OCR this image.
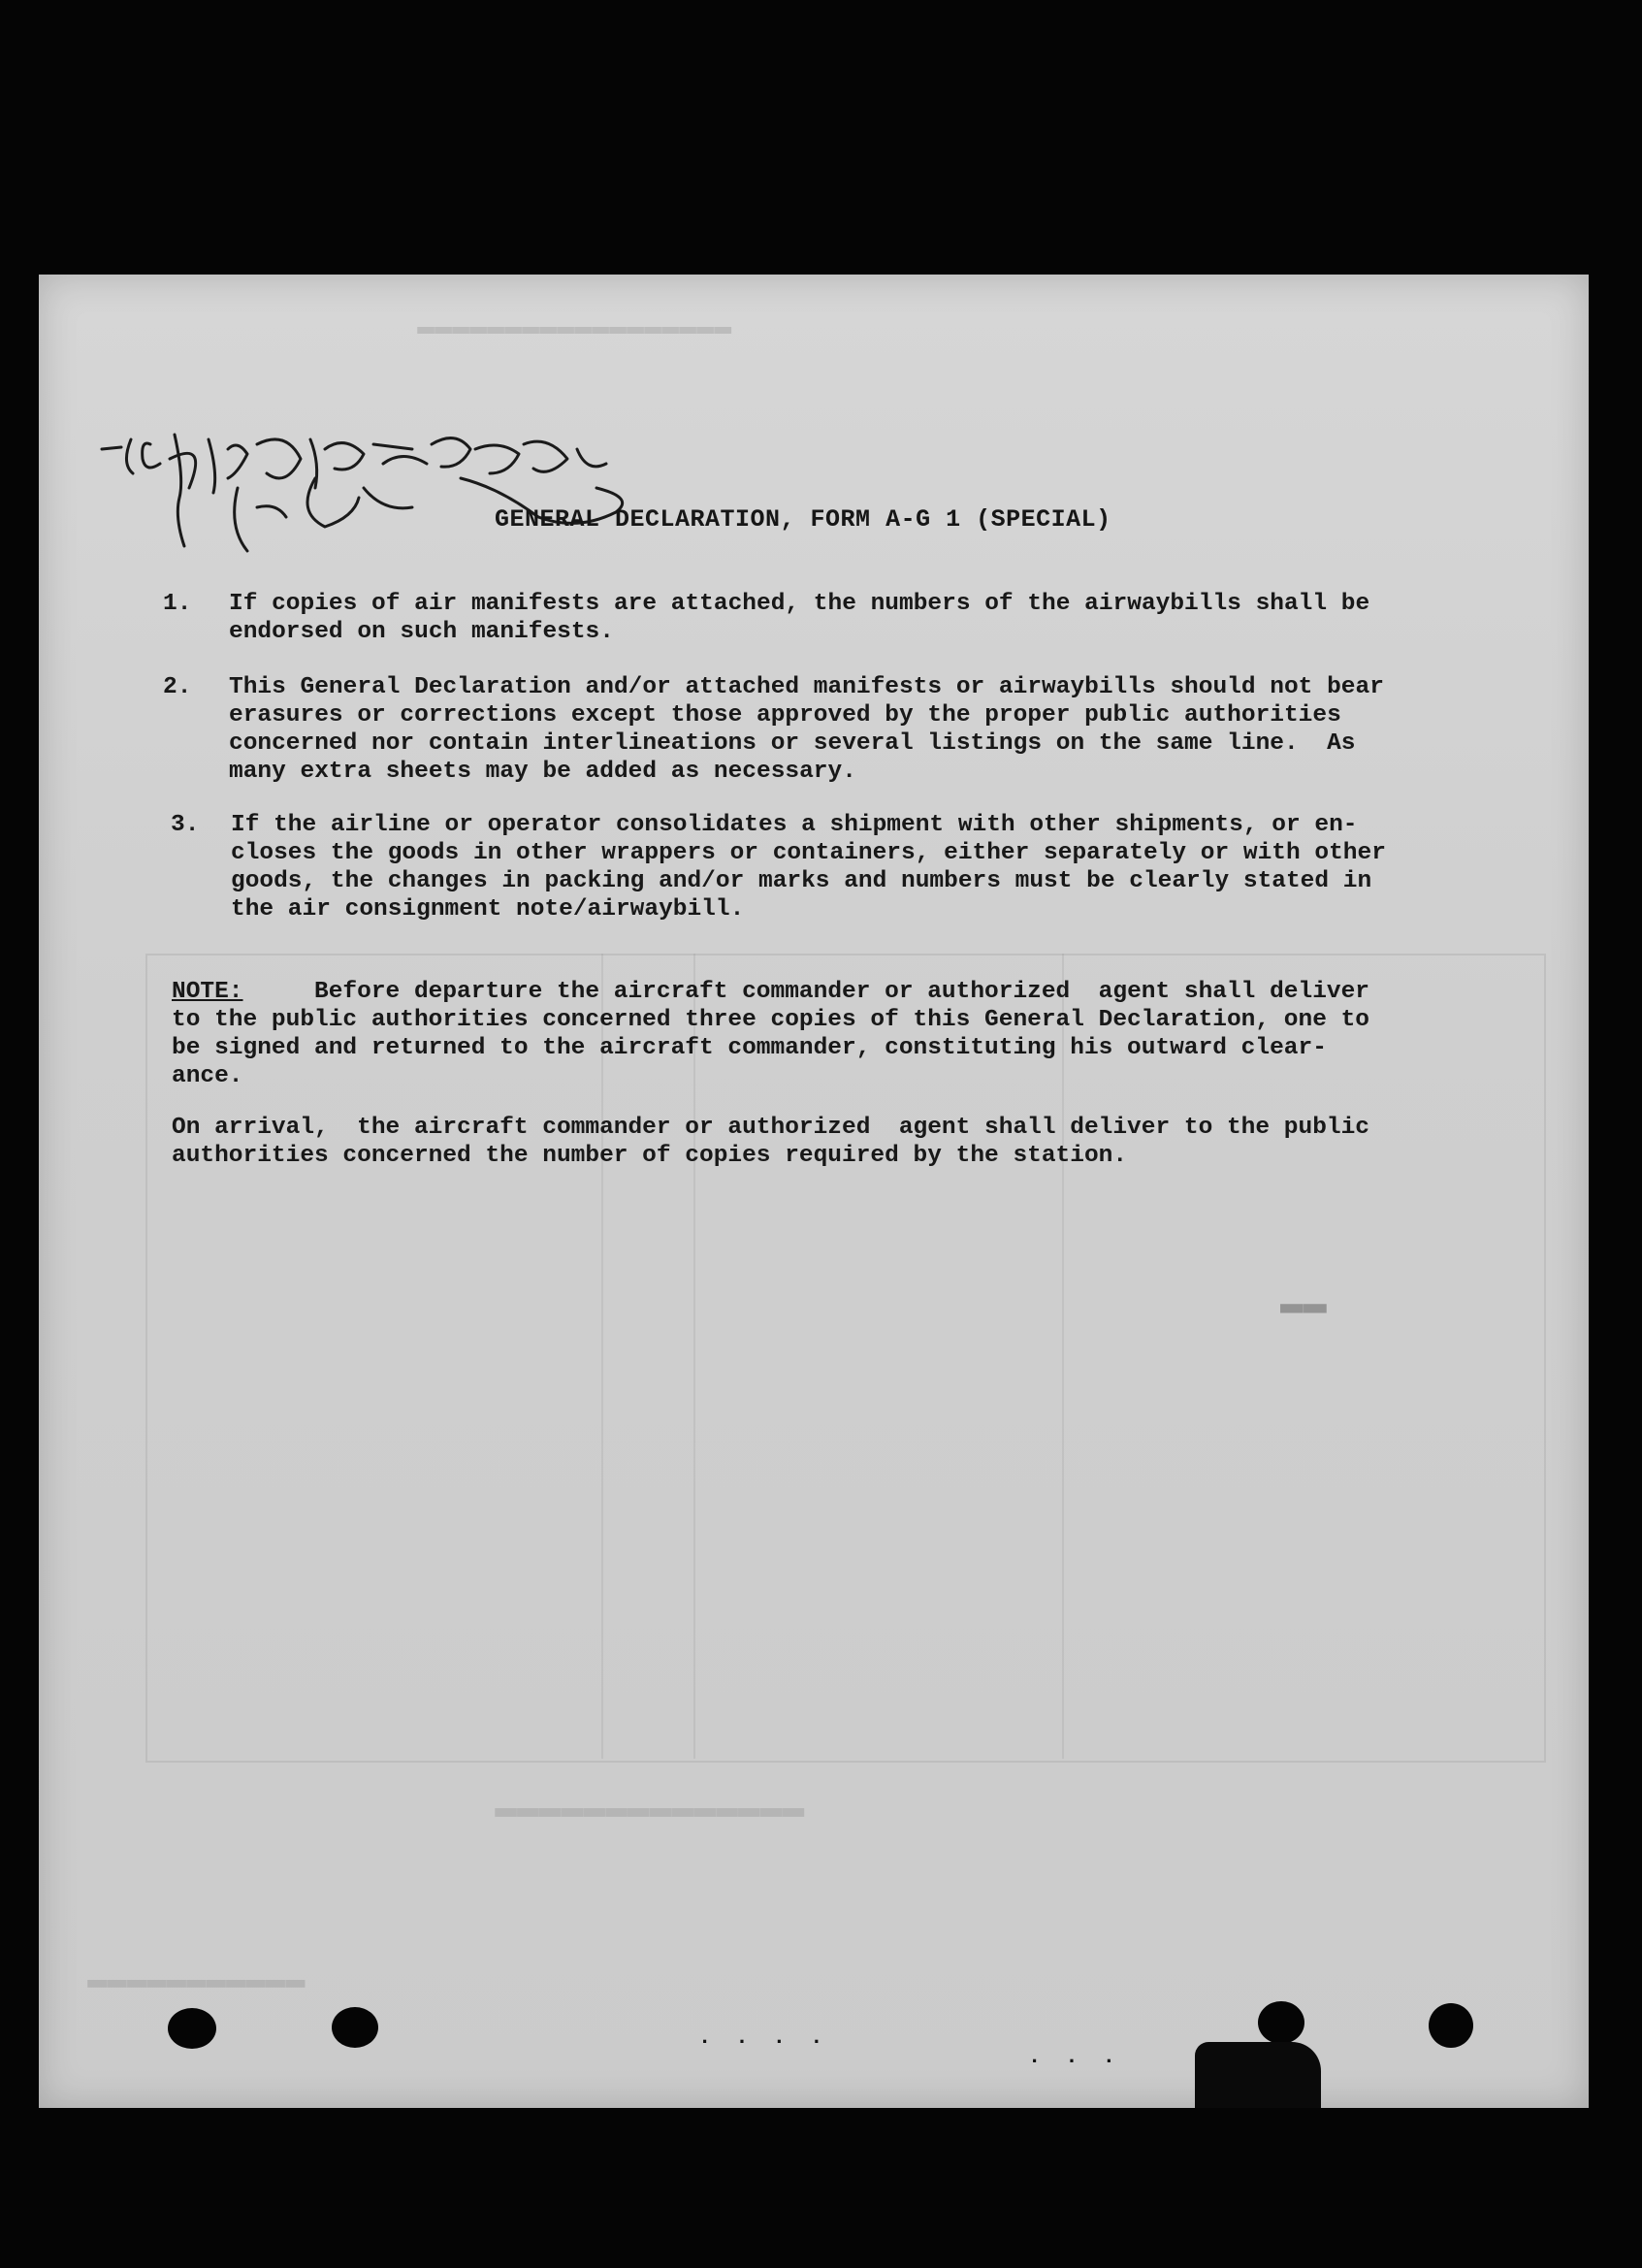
▬▬▬▬▬▬▬▬▬▬▬▬▬▬▬▬▬▬
▬▬▬▬▬▬▬▬▬▬▬▬▬▬
▬▬▬▬▬▬▬▬▬▬▬
▬▬
GENERAL DECLARATION, FORM A-G 1 (SPECIAL)
1.	If copies of air manifests are attached, the numbers of the airwaybills shall be
endorsed on such manifests.
2.	This General Declaration and/or attached manifests or airwaybills should not bear
erasures or corrections except those approved by the proper public authorities
concerned nor contain interlineations or several listings on the same line.  As
many extra sheets may be added as necessary.
3.	If the airline or operator consolidates a shipment with other shipments, or en-
closes the goods in other wrappers or containers, either separately or with other
goods, the changes in packing and/or marks and numbers must be clearly stated in
the air consignment note/airwaybill.
NOTE:	Before departure the aircraft commander or authorized  agent shall deliver
to the public authorities concerned three copies of this General Declaration, one to
be signed and returned to the aircraft commander, constituting his outward clear-
ance.
On arrival,  the aircraft commander or authorized  agent shall deliver to the public
authorities concerned the number of copies required by the station.
. . . .
. . .
